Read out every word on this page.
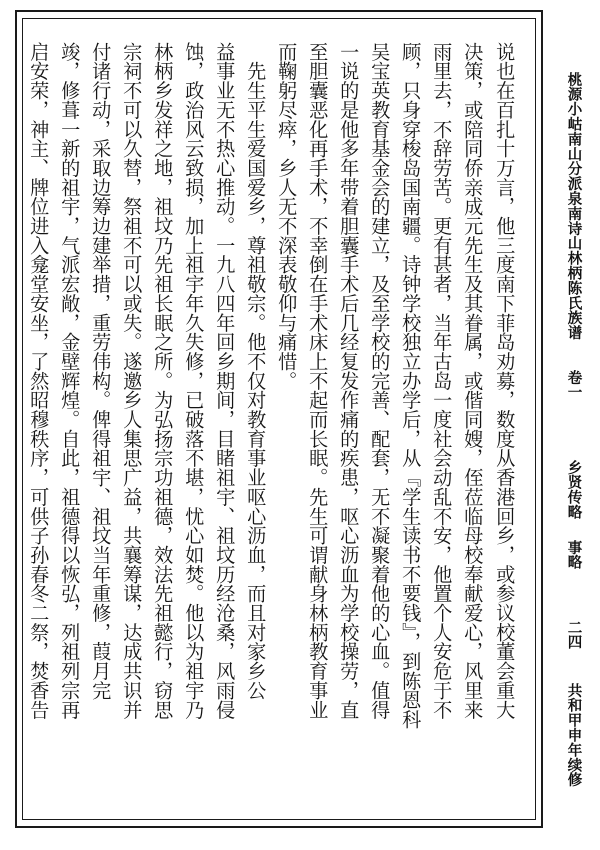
说也在百扎十万言，他三度南下菲岛劝募，数度从香港回乡，或参议校董会重大
决策，或陪同侨亲成元先生及其眷属，或偕同嫂，侄莅临母校奉献爱心，风里来
雨里去，不辞劳苦。更有甚者，当年古岛一度社会动乱不安，他置个人安危于不
顾，只身穿梭岛国南疆。诗钟学校独立办学后，从『学生读书不要钱』，到陈恩科
吴宝英教育基金会的建立，及至学校的完善、配套，无不凝聚着他的心血。值得
一说的是他多年带着胆囊手术后几经复发作痛的疾患，呕心沥血为学校操劳，直
至胆囊恶化再手术，不幸倒在手术床上不起而长眠。先生可谓献身林柄教育事业
而鞠躬尽瘁，乡人无不深表敬仰与痛惜。
　先生平生爱国爱乡，尊祖敬宗。他不仅对教育事业呕心沥血，而且对家乡公
益事业无不热心推动。一九八四年回乡期间，目睹祖宇、祖坟历经沧桑，风雨侵
蚀，政治风云致损，加上祖宇年久失修，已破落不堪，忧心如焚。他以为祖宇乃
林柄乡发祥之地，祖坟乃先祖长眠之所。为弘扬宗功祖德，效法先祖懿行，窃思
宗祠不可以久替，祭祖不可以或失。遂邀乡人集思广益，共襄筹谋，达成共识并
付诸行动，采取边筹边建举措，重劳伟构。俾得祖宇、祖坟当年重修，葭月完
竣，修葺一新的祖宇，气派宏敞，金壁辉煌。自此，祖德得以恢弘，列祖列宗再
启安荣，神主、牌位进入龛堂安坐，了然昭穆秩序，可供子孙春冬二祭，焚香告	桃源小岵南山分派泉南诗山林柄陈氏族谱
卷一
乡贤传略
事略
二四
共和甲申年续修
